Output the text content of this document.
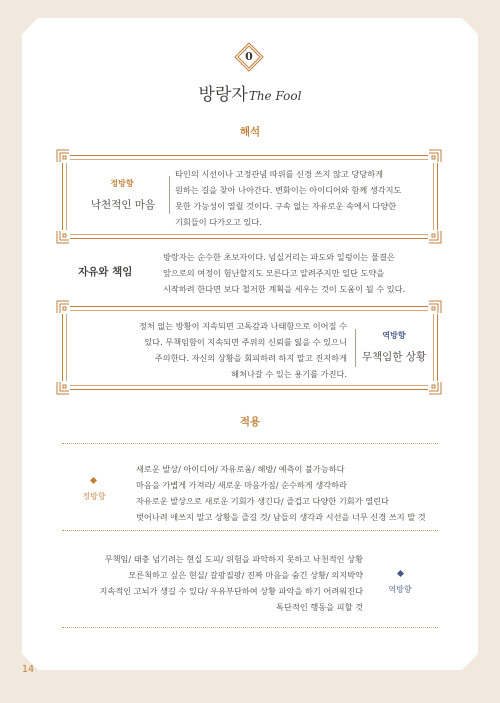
0
방랑자The Fool
해석
정방향
낙천적인 마음
타인의 시선이나 고정관념 따위를 신경 쓰지 않고 당당하게
원하는 길을 찾아 나아간다. 변화이는 아이디어와 함께 생각지도
못한 가능성이 열릴 것이다. 구속 없는 자유로운 속에서 다양한
기회들이 다가오고 있다.
자유와 책임
방랑자는 순수한 초보자이다. 넘실거리는 파도와 일렁이는 물결은
앞으로의 여정이 험난할지도 모른다고 알려주지만 일단 도약을
시작하려 한다면 보다 철저한 계획을 세우는 것이 도움이 될 수 있다.
정처 없는 방황이 지속되면 고독감과 나태함으로 이어질 수
있다. 무책임함이 지속되면 주위의 신뢰를 잃을 수 있으니
주의한다. 자신의 상황을 회피하려 하지 말고 진지하게
헤쳐나갈 수 있는 용기를 가진다.
역방향
무책임한 상황
적용
정방향
새로운 발상/ 아이디어/ 자유로움/ 해방/ 예측이 불가능하다
마음을 가볍게 가져라/ 새로운 마음가짐/ 순수하게 생각하라
자유로운 발상으로 새로운 기회가 생긴다/ 즐겁고 다양한 기회가 열린다
벗어나려 애쓰지 말고 상황을 즐길 것/ 남들의 생각과 시선을 너무 신경 쓰지 말 것
무책임/ 태충 넘기려는 현실 도피/ 위험을 파악하지 못하고 낙천적인 상황
모른척하고 싶은 현실/ 갈팡질팡/ 진짜 마음을 숨긴 상황/ 의지박약
지속적인 고뇌가 생길 수 있다/ 우유부단하여 상황 파악을 하기 어려워진다
독단적인 행동을 피할 것
역방향
14
